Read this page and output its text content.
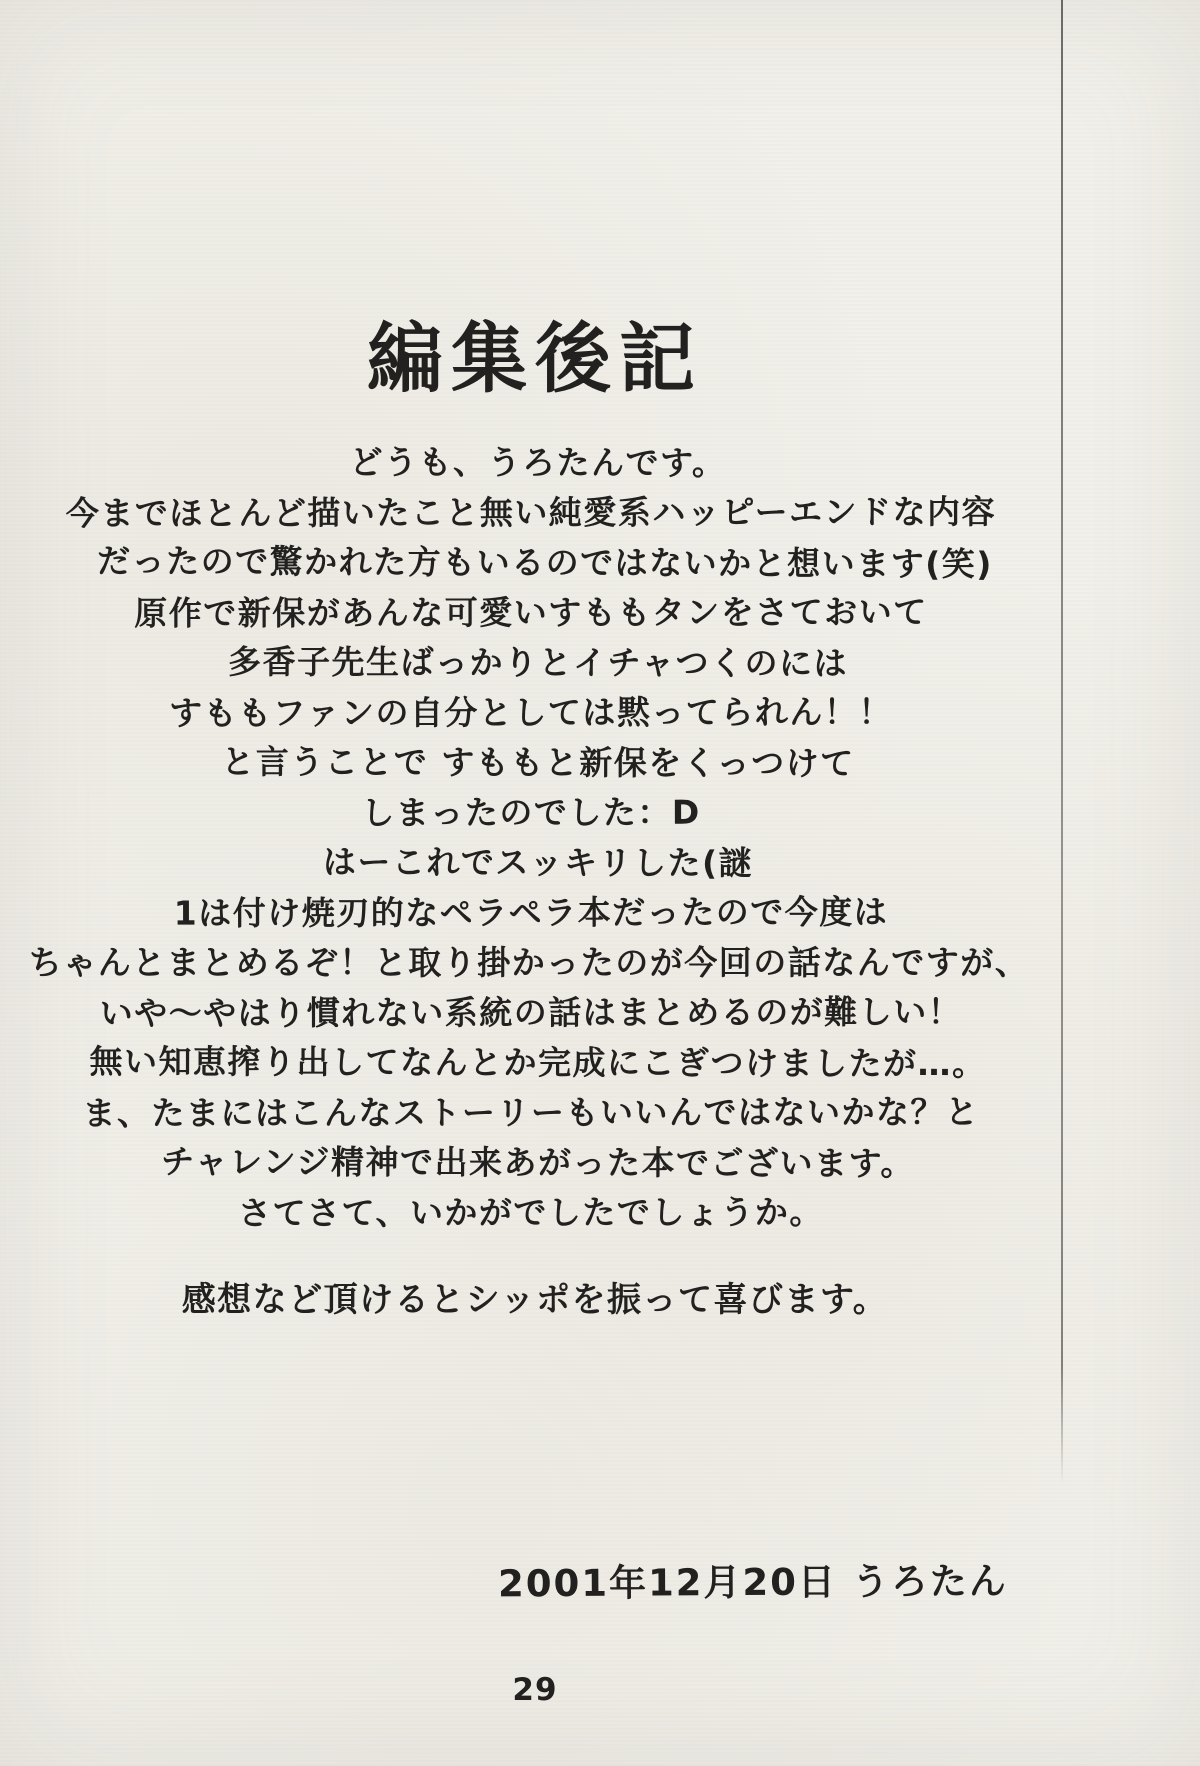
編集後記
どうも、うろたんです。
今までほとんど描いたこと無い純愛系ハッピーエンドな内容
だったので驚かれた方もいるのではないかと想います(笑)
原作で新保があんな可愛いすももタンをさておいて
多香子先生ばっかりとイチャつくのには
すももファンの自分としては黙ってられん！！
と言うことで すももと新保をくっつけて
しまったのでした：D
はーこれでスッキリした(謎
1は付け焼刃的なペラペラ本だったので今度は
ちゃんとまとめるぞ！と取り掛かったのが今回の話なんですが、
いや〜やはり慣れない系統の話はまとめるのが難しい！
無い知恵搾り出してなんとか完成にこぎつけましたが…。
ま、たまにはこんなストーリーもいいんではないかな？と
チャレンジ精神で出来あがった本でございます。
さてさて、いかがでしたでしょうか。
感想など頂けるとシッポを振って喜びます。
2001年12月20日 うろたん
29
